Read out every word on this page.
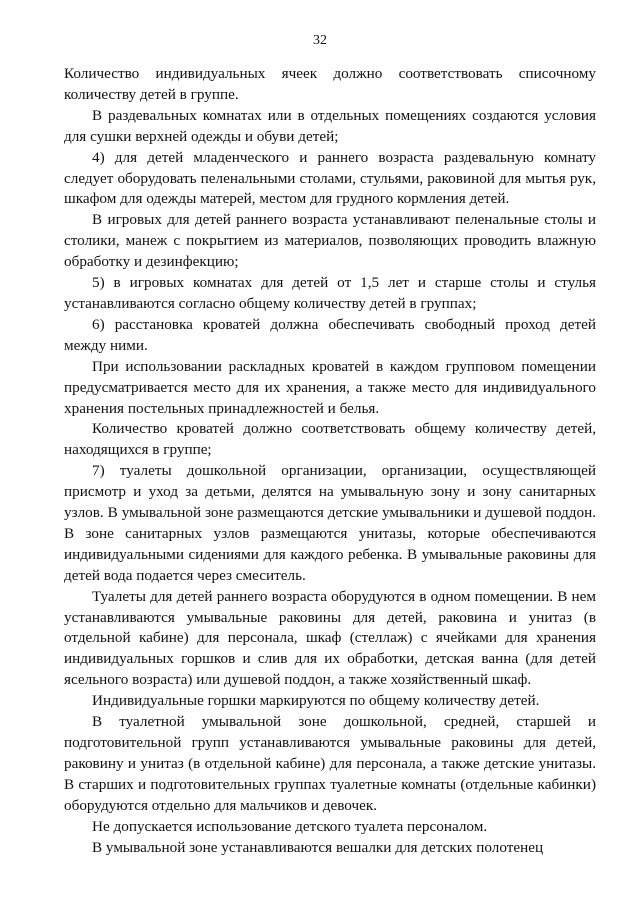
32

Количество индивидуальных ячеек должно соответствовать списочному количеству детей в группе.

В раздевальных комнатах или в отдельных помещениях создаются условия для сушки верхней одежды и обуви детей;

4) для детей младенческого и раннего возраста раздевальную комнату следует оборудовать пеленальными столами, стульями, раковиной для мытья рук, шкафом для одежды матерей, местом для грудного кормления детей.

В игровых для детей раннего возраста устанавливают пеленальные столы и столики, манеж с покрытием из материалов, позволяющих проводить влажную обработку и дезинфекцию;

5) в игровых комнатах для детей от 1,5 лет и старше столы и стулья устанавливаются согласно общему количеству детей в группах;

6) расстановка кроватей должна обеспечивать свободный проход детей между ними.

При использовании раскладных кроватей в каждом групповом помещении предусматривается место для их хранения, а также место для индивидуального хранения постельных принадлежностей и белья.

Количество кроватей должно соответствовать общему количеству детей, находящихся в группе;

7) туалеты дошкольной организации, организации, осуществляющей присмотр и уход за детьми, делятся на умывальную зону и зону санитарных узлов. В умывальной зоне размещаются детские умывальники и душевой поддон. В зоне санитарных узлов размещаются унитазы, которые обеспечиваются индивидуальными сидениями для каждого ребенка. В умывальные раковины для детей вода подается через смеситель.

Туалеты для детей раннего возраста оборудуются в одном помещении. В нем устанавливаются умывальные раковины для детей, раковина и унитаз (в отдельной кабине) для персонала, шкаф (стеллаж) с ячейками для хранения индивидуальных горшков и слив для их обработки, детская ванна (для детей ясельного возраста) или душевой поддон, а также хозяйственный шкаф.

Индивидуальные горшки маркируются по общему количеству детей.

В туалетной умывальной зоне дошкольной, средней, старшей и подготовительной групп устанавливаются умывальные раковины для детей, раковину и унитаз (в отдельной кабине) для персонала, а также детские унитазы. В старших и подготовительных группах туалетные комнаты (отдельные кабинки) оборудуются отдельно для мальчиков и девочек.

Не допускается использование детского туалета персоналом.

В умывальной зоне устанавливаются вешалки для детских полотенец
